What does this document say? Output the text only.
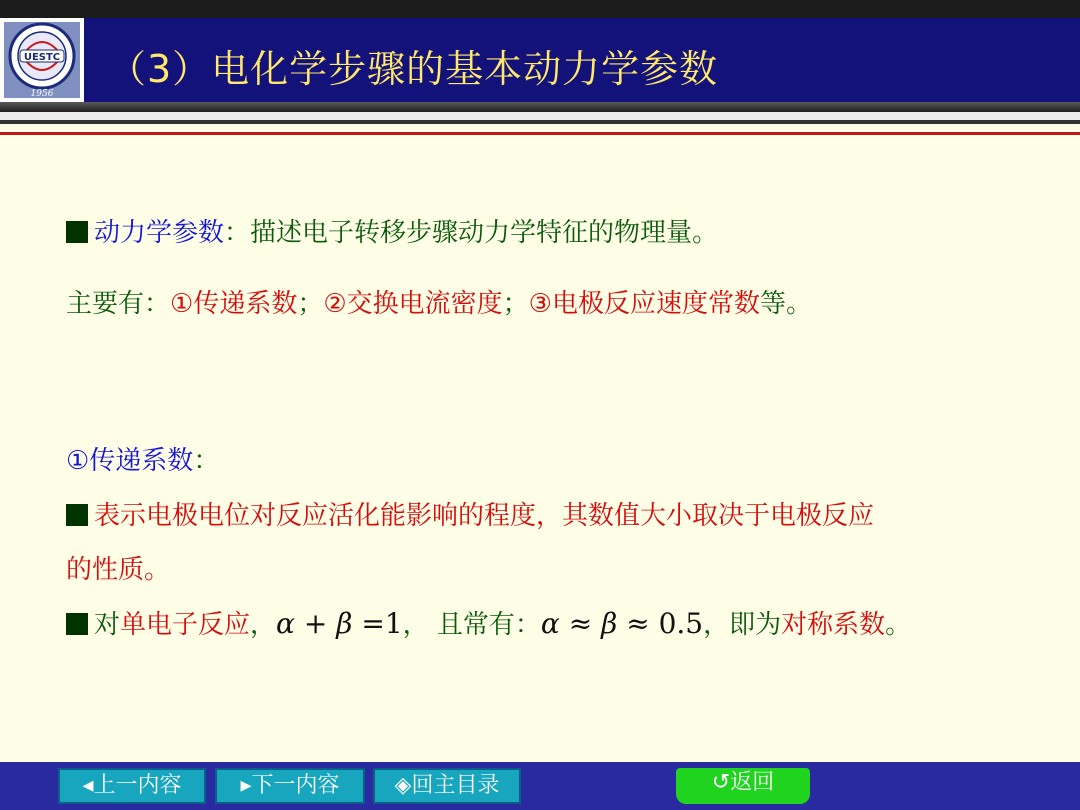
UESTC
1956
（3）电化学步骤的基本动力学参数
动力学参数：描述电子转移步骤动力学特征的物理量。
主要有：①传递系数；②交换电流密度；③电极反应速度常数等。
①传递系数：
表示电极电位对反应活化能影响的程度，其数值大小取决于电极反应
的性质。
对单电子反应，α + β =1， 且常有：α ≈ β ≈ 0.5，即为对称系数。
◂上一内容	▸下一内容	◈回主目录	↺返回
